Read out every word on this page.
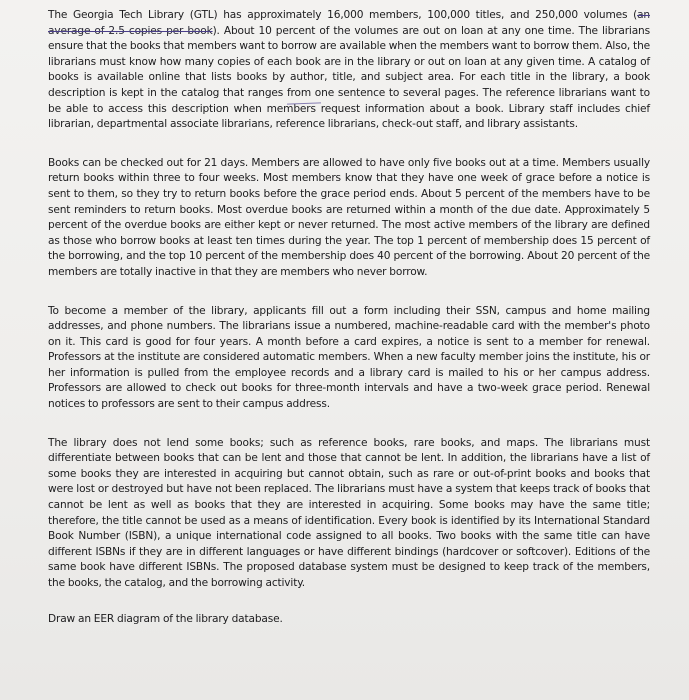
The Georgia Tech Library (GTL) has approximately 16,000 members, 100,000 titles, and 250,000 volumes (an average of 2.5 copies per book). About 10 percent of the volumes are out on loan at any one time. The librarians ensure that the books that members want to borrow are available when the members want to borrow them. Also, the librarians must know how many copies of each book are in the library or out on loan at any given time. A catalog of books is available online that lists books by author, title, and subject area. For each title in the library, a book description is kept in the catalog that ranges from one sentence to several pages. The reference librarians want to be able to access this description when members request information about a book. Library staff includes chief librarian, departmental associate librarians, reference librarians, check-out staff, and library assistants.

Books can be checked out for 21 days. Members are allowed to have only five books out at a time. Members usually return books within three to four weeks. Most members know that they have one week of grace before a notice is sent to them, so they try to return books before the grace period ends. About 5 percent of the members have to be sent reminders to return books. Most overdue books are returned within a month of the due date. Approximately 5 percent of the overdue books are either kept or never returned. The most active members of the library are defined as those who borrow books at least ten times during the year. The top 1 percent of membership does 15 percent of the borrowing, and the top 10 percent of the membership does 40 percent of the borrowing. About 20 percent of the members are totally inactive in that they are members who never borrow.

To become a member of the library, applicants fill out a form including their SSN, campus and home mailing addresses, and phone numbers. The librarians issue a numbered, machine-readable card with the member's photo on it. This card is good for four years. A month before a card expires, a notice is sent to a member for renewal. Professors at the institute are considered automatic members. When a new faculty member joins the institute, his or her information is pulled from the employee records and a library card is mailed to his or her campus address. Professors are allowed to check out books for three-month intervals and have a two-week grace period. Renewal notices to professors are sent to their campus address.

The library does not lend some books; such as reference books, rare books, and maps. The librarians must differentiate between books that can be lent and those that cannot be lent. In addition, the librarians have a list of some books they are interested in acquiring but cannot obtain, such as rare or out-of-print books and books that were lost or destroyed but have not been replaced. The librarians must have a system that keeps track of books that cannot be lent as well as books that they are interested in acquiring. Some books may have the same title; therefore, the title cannot be used as a means of identification. Every book is identified by its International Standard Book Number (ISBN), a unique international code assigned to all books. Two books with the same title can have different ISBNs if they are in different languages or have different bindings (hardcover or softcover). Editions of the same book have different ISBNs. The proposed database system must be designed to keep track of the members, the books, the catalog, and the borrowing activity.

Draw an EER diagram of the library database.
